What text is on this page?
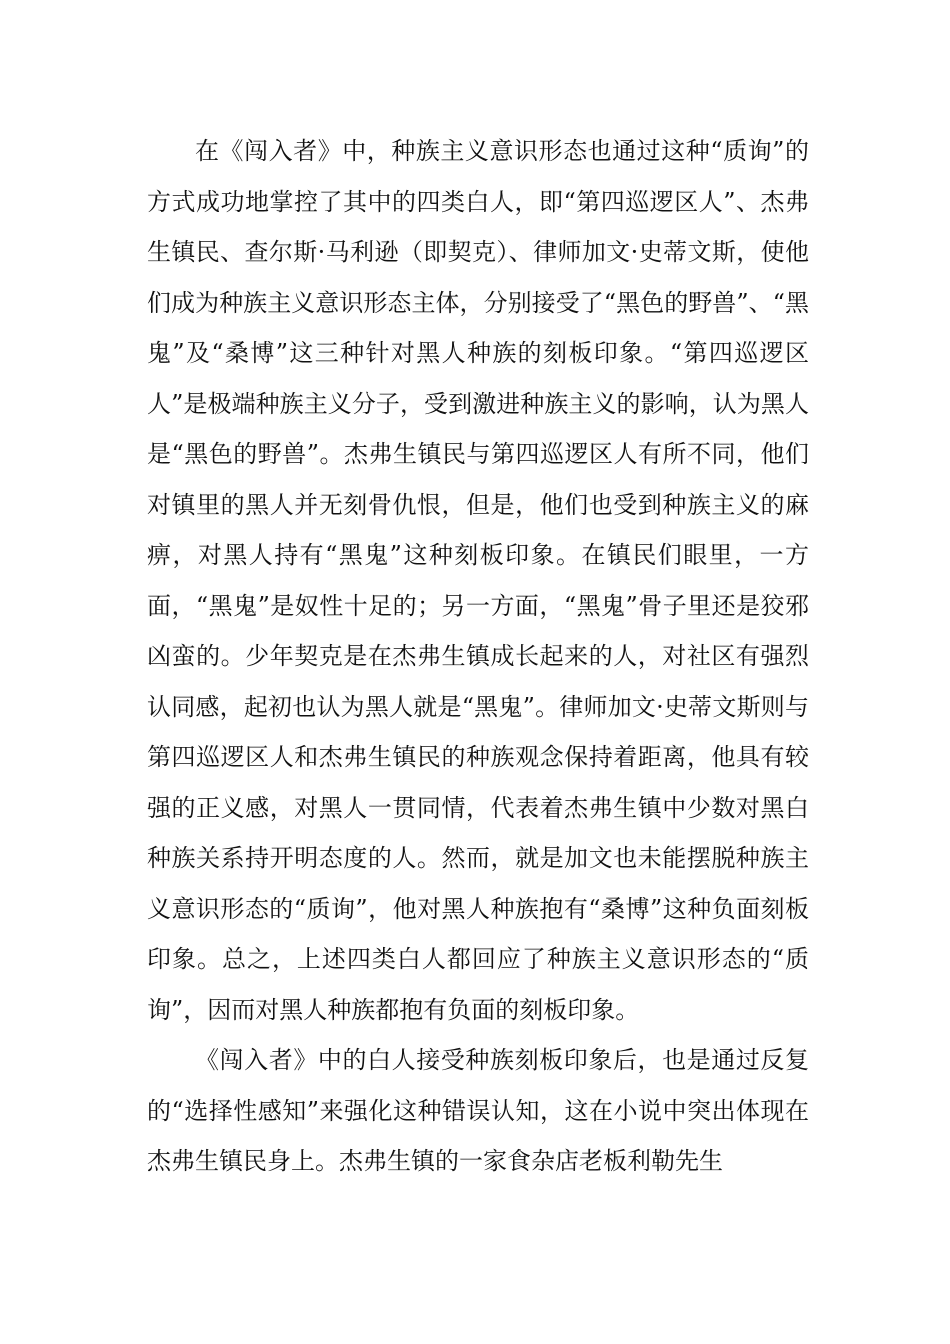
在《闯入者》中，种族主义意识形态也通过这种“质询”的方式成功地掌控了其中的四类白人，即“第四巡逻区人”、杰弗生镇民、查尔斯·马利逊（即契克）、律师加文·史蒂文斯，使他们成为种族主义意识形态主体，分别接受了“黑色的野兽”、“黑鬼”及“桑博”这三种针对黑人种族的刻板印象。“第四巡逻区人”是极端种族主义分子，受到激进种族主义的影响，认为黑人是“黑色的野兽”。杰弗生镇民与第四巡逻区人有所不同，他们对镇里的黑人并无刻骨仇恨，但是，他们也受到种族主义的麻痹，对黑人持有“黑鬼”这种刻板印象。在镇民们眼里，一方面，“黑鬼”是奴性十足的；另一方面，“黑鬼”骨子里还是狡邪凶蛮的。少年契克是在杰弗生镇成长起来的人，对社区有强烈认同感，起初也认为黑人就是“黑鬼”。律师加文·史蒂文斯则与第四巡逻区人和杰弗生镇民的种族观念保持着距离，他具有较强的正义感，对黑人一贯同情，代表着杰弗生镇中少数对黑白种族关系持开明态度的人。然而，就是加文也未能摆脱种族主义意识形态的“质询”，他对黑人种族抱有“桑博”这种负面刻板印象。总之，上述四类白人都回应了种族主义意识形态的“质询”，因而对黑人种族都抱有负面的刻板印象。

《闯入者》中的白人接受种族刻板印象后，也是通过反复的“选择性感知”来强化这种错误认知，这在小说中突出体现在杰弗生镇民身上。杰弗生镇的一家食杂店老板利勒先生
